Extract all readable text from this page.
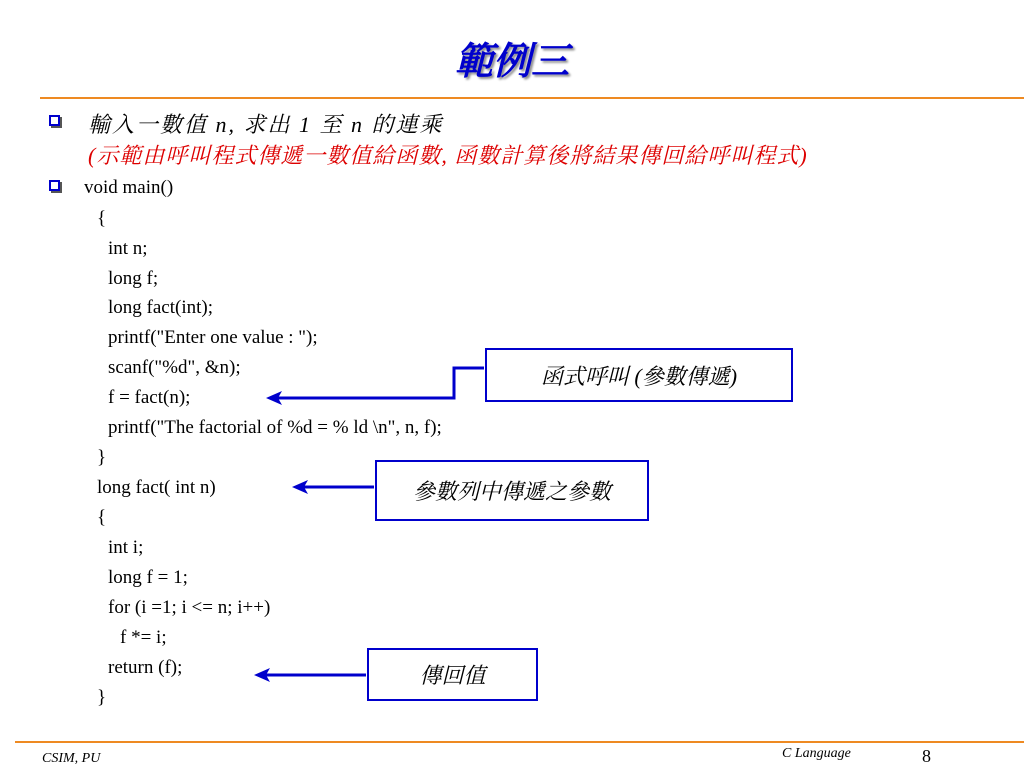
範例三
輸入一數值 n, 求出 1 至 n 的連乘
(示範由呼叫程式傳遞一數值給函數, 函數計算後將結果傳回給呼叫程式)
void main()
{
int n;
long f;
long fact(int);
printf("Enter one value : ");
scanf("%d", &n);
f = fact(n);
printf("The factorial of %d = % ld \n", n, f);
}
long fact( int n)
{
int i;
long f = 1;
for (i =1; i <= n; i++)
f *= i;
return (f);
}
函式呼叫 (參數傳遞)
參數列中傳遞之參數
傳回值
CSIM, PU	C Language	8
